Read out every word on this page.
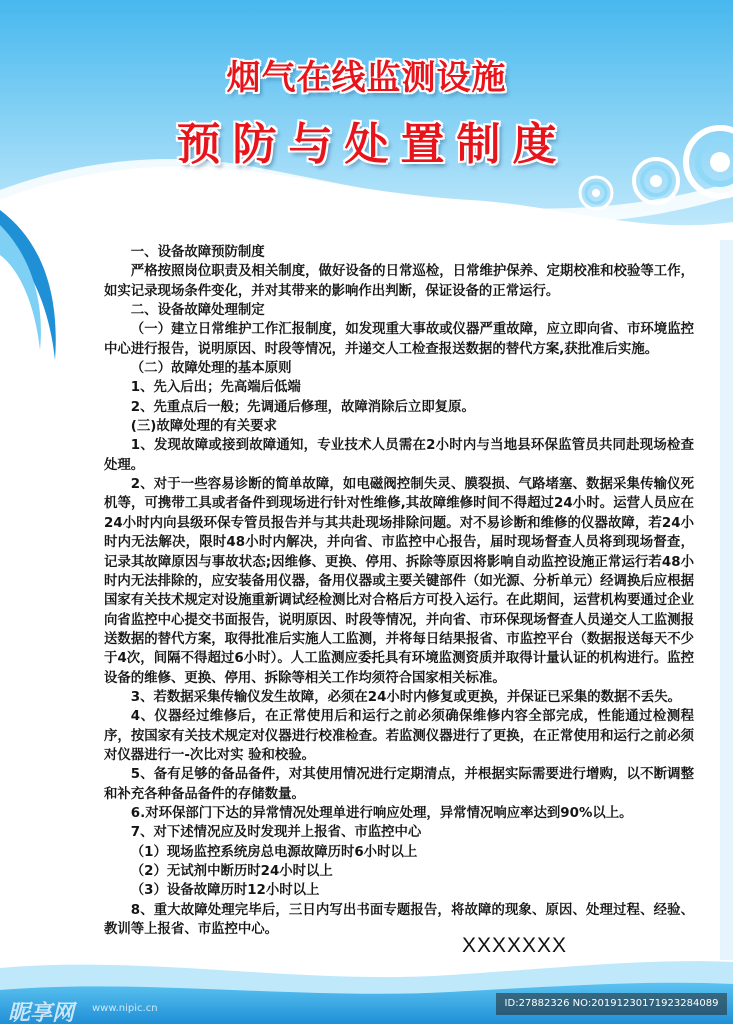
烟气在线监测设施
预防与处置制度

一、设备故障预防制度

严格按照岗位职责及相关制度，做好设备的日常巡检，日常维护保养、定期校准和校验等工作，如实记录现场条件变化，并对其带来的影响作出判断，保证设备的正常运行。

二、设备故障处理制定

（一）建立日常维护工作汇报制度，如发现重大事故或仪器严重故障，应立即向省、市环境监控中心进行报告，说明原因、时段等情况，并递交人工检查报送数据的替代方案,获批准后实施。

（二）故障处理的基本原则

1、先入后出；先高端后低端

2、先重点后一般；先调通后修理，故障消除后立即复原。

(三)故障处理的有关要求

1、发现故障或接到故障通知，专业技术人员需在2小时内与当地县环保监管员共同赴现场检查处理。

2、对于一些容易诊断的简单故障，如电磁阀控制失灵、膜裂损、气路堵塞、数据采集传输仪死机等，可携带工具或者备件到现场进行针对性维修,其故障维修时间不得超过24小时。运营人员应在24小时内向县级环保专管员报告并与其共赴现场排除问题。对不易诊断和维修的仪器故障，若24小时内无法解决，限时48小时内解决，并向省、市监控中心报告，届时现场督查人员将到现场督查，记录其故障原因与事故状态;因维修、更换、停用、拆除等原因将影响自动监控设施正常运行若48小时内无法排除的，应安装备用仪器，备用仪器或主要关键部件（如光源、分析单元）经调换后应根据国家有关技术规定对设施重新调试经检测比对合格后方可投入运行。在此期间，运营机构要通过企业向省监控中心提交书面报告，说明原因、时段等情况，并向省、市环保现场督查人员递交人工监测报送数据的替代方案，取得批准后实施人工监测，并将每日结果报省、市监控平台（数据报送每天不少于4次，间隔不得超过6小时）。人工监测应委托具有环境监测资质并取得计量认证的机构进行。监控设备的维修、更换、停用、拆除等相关工作均须符合国家相关标准。

3、若数据采集传输仪发生故障，必须在24小时内修复或更换，并保证已采集的数据不丢失。

4、仪器经过维修后，在正常使用后和运行之前必须确保维修内容全部完成，性能通过检测程序，按国家有关技术规定对仪器进行校准检查。若监测仪器进行了更换，在正常使用和运行之前必须对仪器进行一-次比对实 验和校验。

5、备有足够的备品备件，对其使用情况进行定期清点，并根据实际需要进行增购，以不断调整和补充各种备品备件的存储数量。

6.对环保部门下达的异常情况处理单进行响应处理，异常情况响应率达到90%以上。

7、对下述情况应及时发现并上报省、市监控中心

（1）现场监控系统房总电源故障历时6小时以上

（2）无试剂中断历时24小时以上

（3）设备故障历时12小时以上

8、重大故障处理完毕后，三日内写出书面专题报告，将故障的现象、原因、处理过程、经验、教训等上报省、市监控中心。

XXXXXXX
昵享网 www.nipic.cn	ID:27882326 NO:20191230171923284089
